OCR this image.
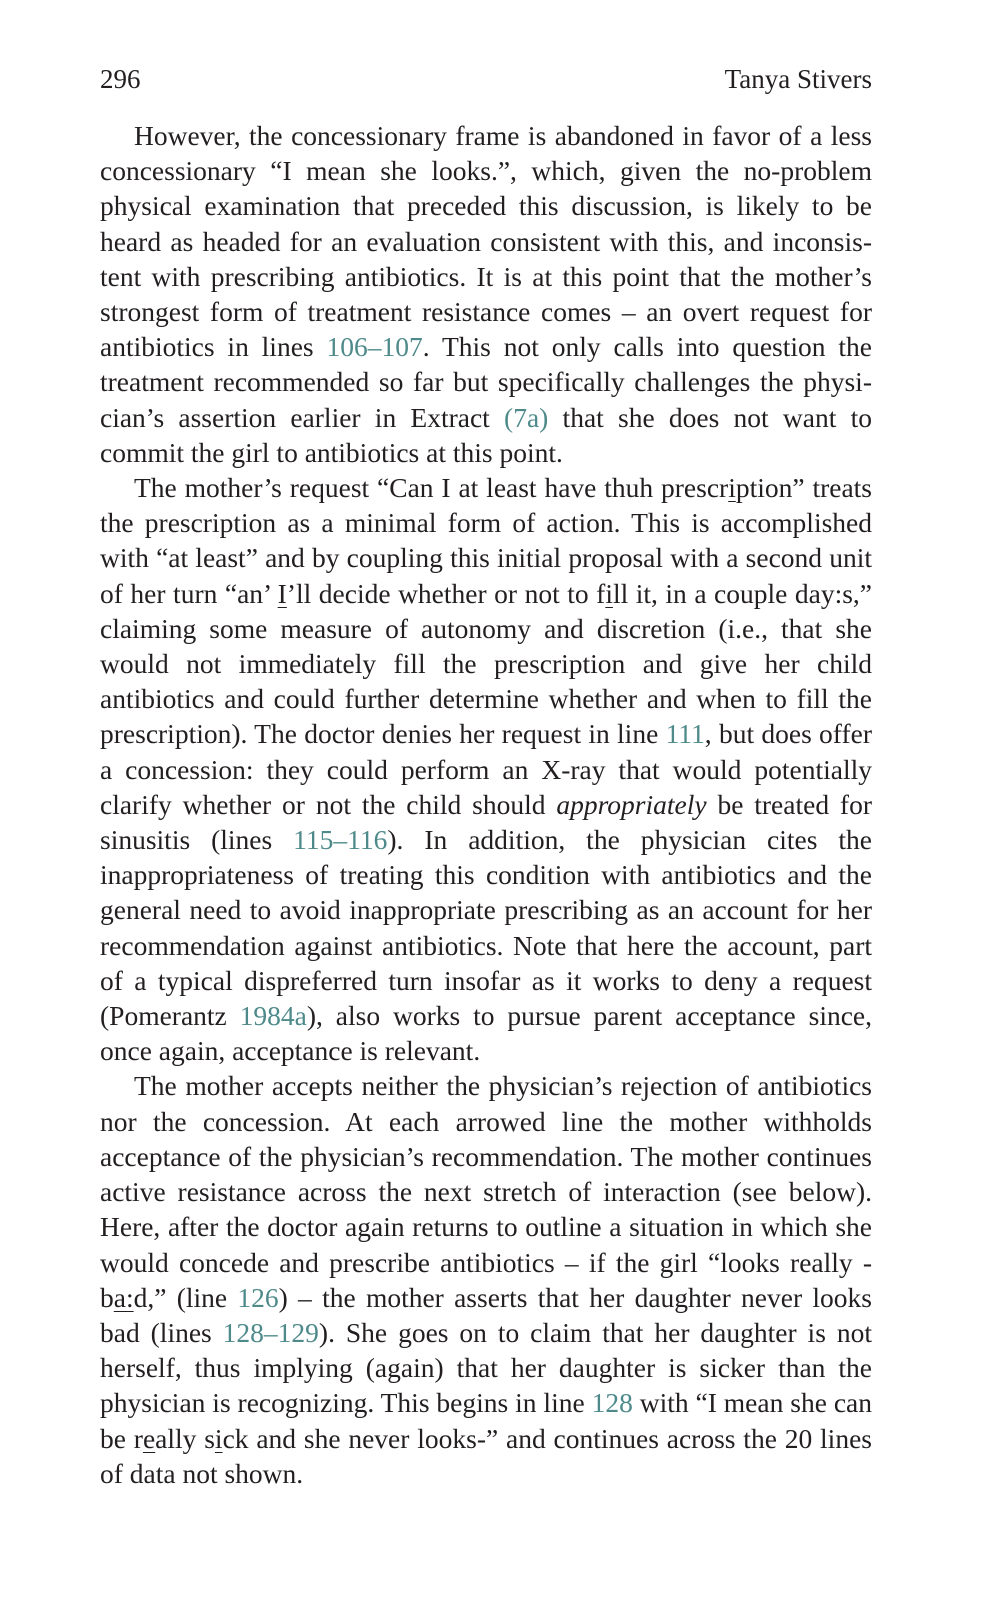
296	Tanya Stivers

However, the concessionary frame is abandoned in favor of a less concessionary “I mean she looks.”, which, given the no-problem physical examination that preceded this discussion, is likely to be heard as headed for an evaluation consistent with this, and inconsistent with prescribing antibiotics. It is at this point that the mother’s strongest form of treatment resistance comes – an overt request for antibiotics in lines 106–107. This not only calls into question the treatment recommended so far but specifically challenges the physician’s assertion earlier in Extract (7a) that she does not want to commit the girl to antibiotics at this point.

The mother’s request “Can I at least have thuh prescription” treats the prescription as a minimal form of action. This is accomplished with “at least” and by coupling this initial proposal with a second unit of her turn “an’ I’ll decide whether or not to fill it, in a couple day:s,” claiming some measure of autonomy and discretion (i.e., that she would not immediately fill the prescription and give her child antibiotics and could further determine whether and when to fill the prescription). The doctor denies her request in line 111, but does offer a concession: they could perform an X-ray that would potentially clarify whether or not the child should appropriately be treated for sinusitis (lines 115–116). In addition, the physician cites the inappropriateness of treating this condition with antibiotics and the general need to avoid inappropriate prescribing as an account for her recommendation against antibiotics. Note that here the account, part of a typical dispreferred turn insofar as it works to deny a request (Pomerantz 1984a), also works to pursue parent acceptance since, once again, acceptance is relevant.

The mother accepts neither the physician’s rejection of antibiotics nor the concession. At each arrowed line the mother withholds acceptance of the physician’s recommendation. The mother continues active resistance across the next stretch of interaction (see below). Here, after the doctor again returns to outline a situation in which she would concede and prescribe antibiotics – if the girl “looks really -ba:d,” (line 126) – the mother asserts that her daughter never looks bad (lines 128–129). She goes on to claim that her daughter is not herself, thus implying (again) that her daughter is sicker than the physician is recognizing. This begins in line 128 with “I mean she can be really sick and she never looks-” and continues across the 20 lines of data not shown.
